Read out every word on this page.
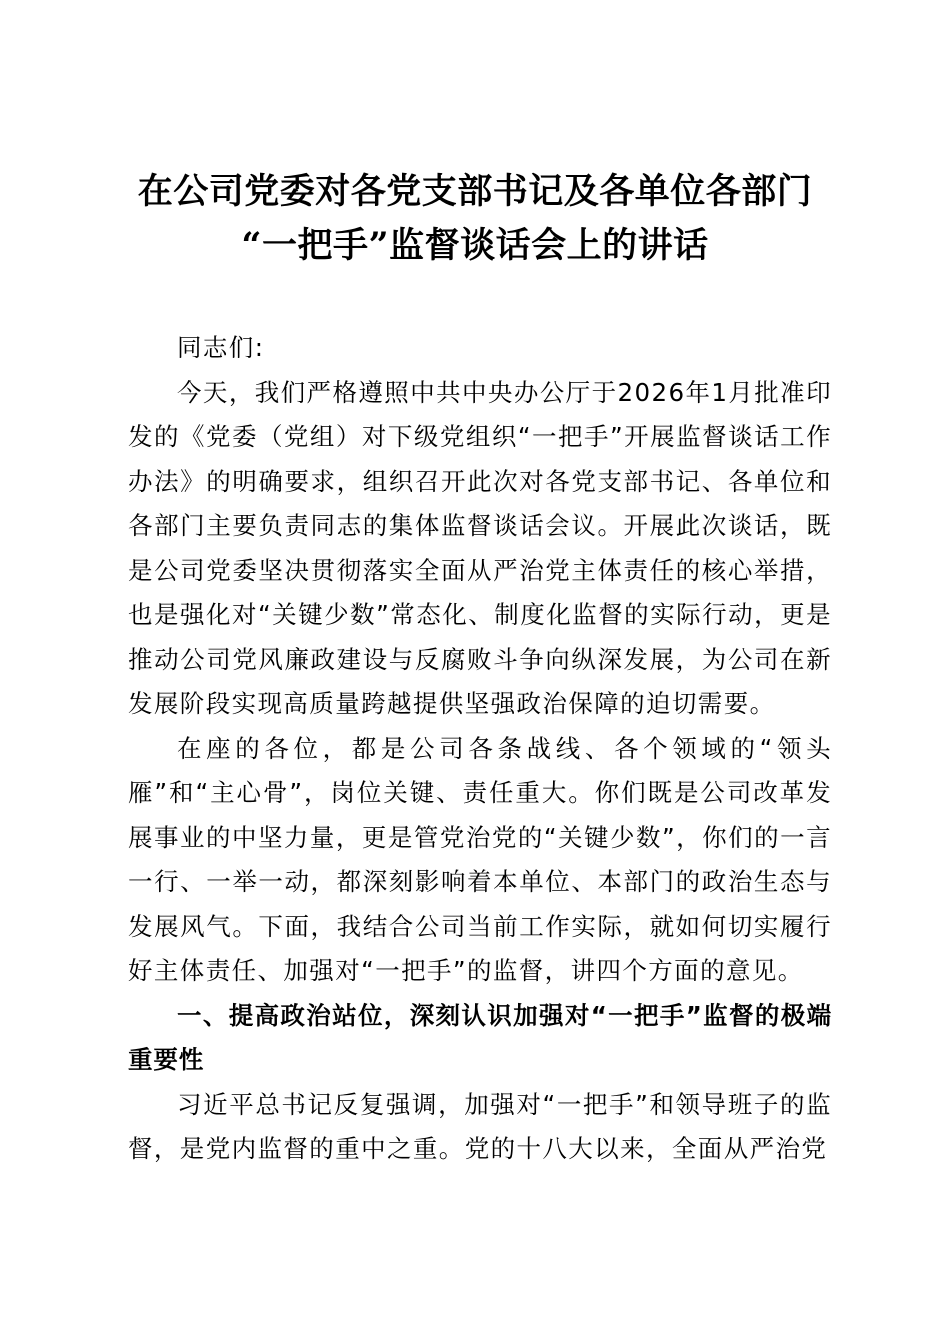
在公司党委对各党支部书记及各单位各部门
“一把手”监督谈话会上的讲话

同志们:

今天，我们严格遵照中共中央办公厅于2026年1月批准印发的《党委（党组）对下级党组织“一把手”开展监督谈话工作办法》的明确要求，组织召开此次对各党支部书记、各单位和各部门主要负责同志的集体监督谈话会议。开展此次谈话，既是公司党委坚决贯彻落实全面从严治党主体责任的核心举措，也是强化对“关键少数”常态化、制度化监督的实际行动，更是推动公司党风廉政建设与反腐败斗争向纵深发展，为公司在新发展阶段实现高质量跨越提供坚强政治保障的迫切需要。

在座的各位，都是公司各条战线、各个领域的“领头雁”和“主心骨”，岗位关键、责任重大。你们既是公司改革发展事业的中坚力量，更是管党治党的“关键少数”，你们的一言一行、一举一动，都深刻影响着本单位、本部门的政治生态与发展风气。下面，我结合公司当前工作实际，就如何切实履行好主体责任、加强对“一把手”的监督，讲四个方面的意见。

一、提高政治站位，深刻认识加强对“一把手”监督的极端重要性

习近平总书记反复强调，加强对“一把手”和领导班子的监督，是党内监督的重中之重。党的十八大以来，全面从严治党
